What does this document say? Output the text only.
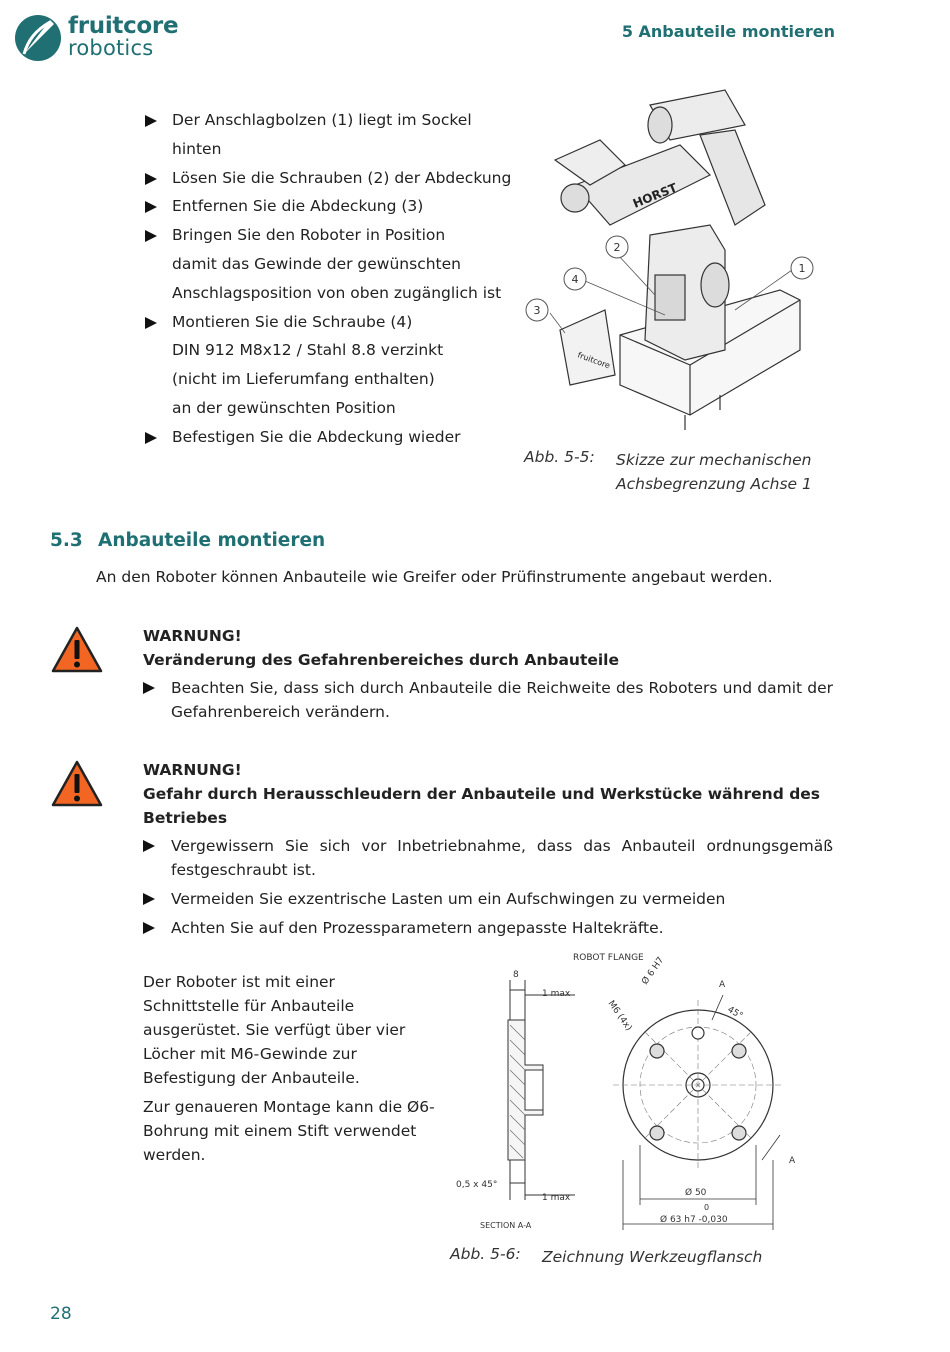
fruitcore
robotics
5 Anbauteile montieren
Der Anschlagbolzen (1) liegt im Sockel hinten
Lösen Sie die Schrauben (2) der Abdeckung
Entfernen Sie die Abdeckung (3)
Bringen Sie den Roboter in Position
damit das Gewinde der gewünschten
Anschlagsposition von oben zugänglich ist
Montieren Sie die Schraube (4)
DIN 912 M8x12 / Stahl 8.8 verzinkt
(nicht im Lieferumfang enthalten)
an der gewünschten Position
Befestigen Sie die Abdeckung wieder
HORST
fruitcore
2
4
3
1
Abb. 5-5: Skizze zur mechanischen
Achsbegrenzung Achse 1
5.3 Anbauteile montieren
An den Roboter können Anbauteile wie Greifer oder Prüfinstrumente angebaut werden.
WARNUNG!
Veränderung des Gefahrenbereiches durch Anbauteile
Beachten Sie, dass sich durch Anbauteile die Reichweite des Roboters und damit der Gefahrenbereich verändern.
WARNUNG!
Gefahr durch Herausschleudern der Anbauteile und Werkstücke während des Betriebes
Vergewissern Sie sich vor Inbetriebnahme, dass das Anbauteil ordnungsgemäß festgeschraubt ist.
Vermeiden Sie exzentrische Lasten um ein Aufschwingen zu vermeiden
Achten Sie auf den Prozessparametern angepasste Haltekräfte.

Der Roboter ist mit einer Schnittstelle für Anbauteile ausgerüstet. Sie verfügt über vier Löcher mit M6-Gewinde zur Befestigung der Anbauteile.

Zur genaueren Montage kann die Ø6-Bohrung mit einem Stift verwendet werden.

ROBOT FLANGE
8
1 max
1 max
0,5 x 45°
SECTION A-A
Ø 6 H7
M6 (4x)
A
A
45°
Ø 50
0
Ø 63 h7 -0,030
Abb. 5-6: Zeichnung Werkzeugflansch
28
